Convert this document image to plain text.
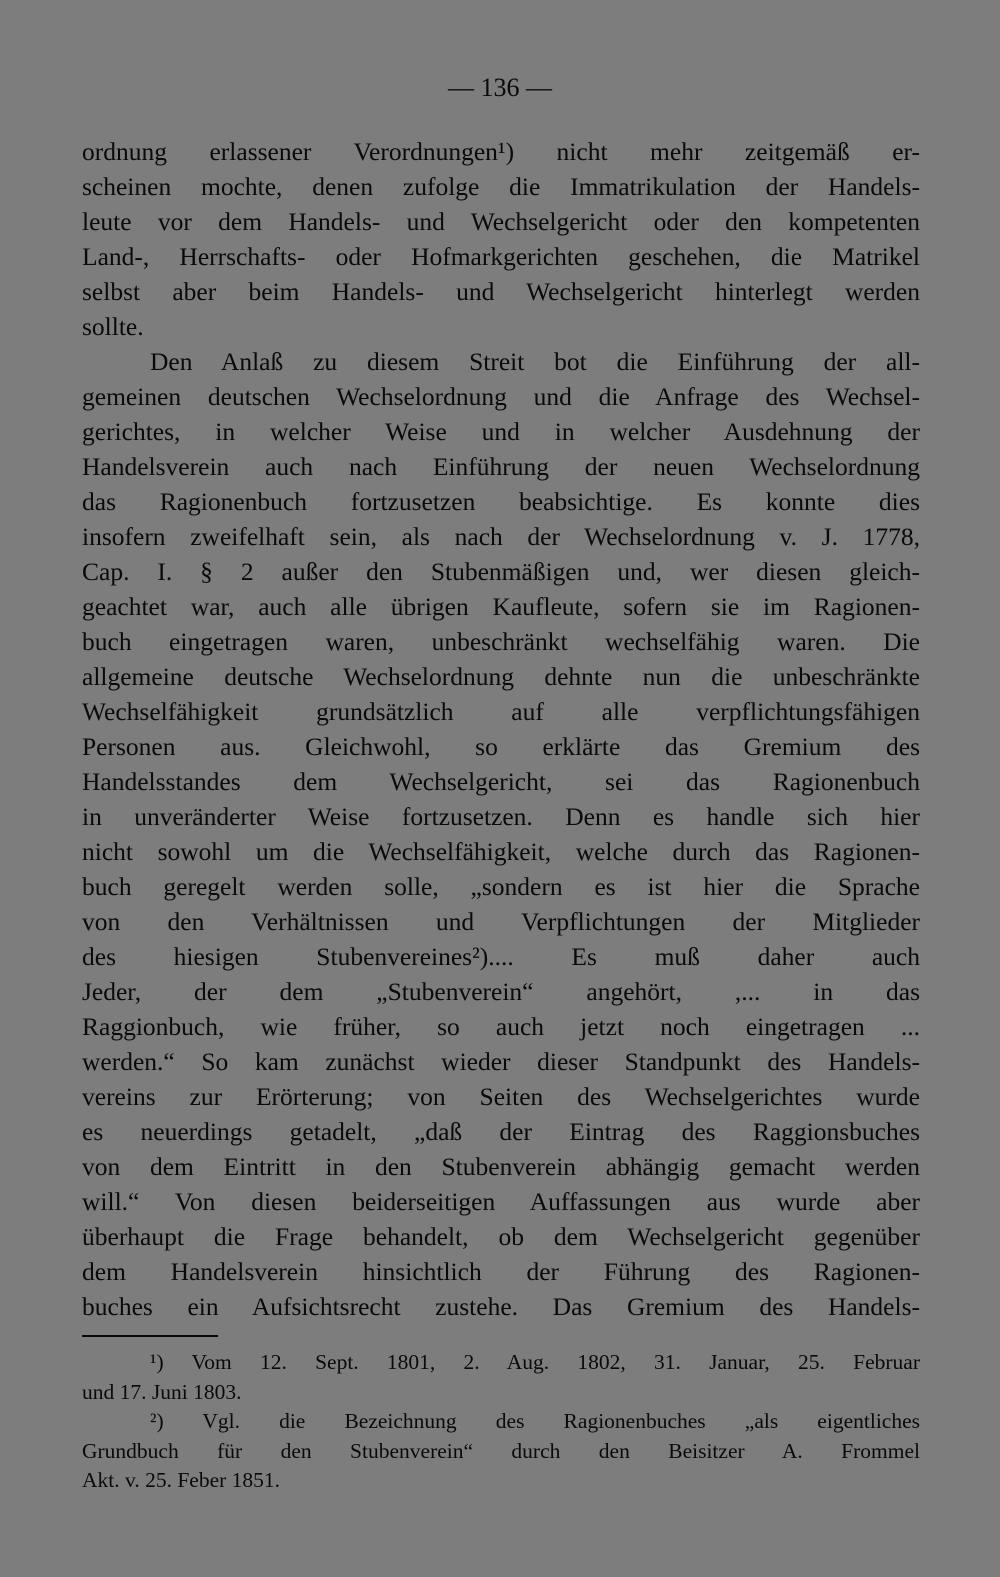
— 136 —
ordnung erlassener Verordnungen¹) nicht mehr zeitgemäß er-
scheinen mochte, denen zufolge die Immatrikulation der Handels-
leute vor dem Handels- und Wechselgericht oder den kompetenten
Land-, Herrschafts- oder Hofmarkgerichten geschehen, die Matrikel
selbst aber beim Handels- und Wechselgericht hinterlegt werden
sollte.
Den Anlaß zu diesem Streit bot die Einführung der all-
gemeinen deutschen Wechselordnung und die Anfrage des Wechsel-
gerichtes, in welcher Weise und in welcher Ausdehnung der
Handelsverein auch nach Einführung der neuen Wechselordnung
das Ragionenbuch fortzusetzen beabsichtige. Es konnte dies
insofern zweifelhaft sein, als nach der Wechselordnung v. J. 1778,
Cap. I. § 2 außer den Stubenmäßigen und, wer diesen gleich-
geachtet war, auch alle übrigen Kaufleute, sofern sie im Ragionen-
buch eingetragen waren, unbeschränkt wechselfähig waren. Die
allgemeine deutsche Wechselordnung dehnte nun die unbeschränkte
Wechselfähigkeit grundsätzlich auf alle verpflichtungsfähigen
Personen aus. Gleichwohl, so erklärte das Gremium des
Handelsstandes dem Wechselgericht, sei das Ragionenbuch
in unveränderter Weise fortzusetzen. Denn es handle sich hier
nicht sowohl um die Wechselfähigkeit, welche durch das Ragionen-
buch geregelt werden solle, „sondern es ist hier die Sprache
von den Verhältnissen und Verpflichtungen der Mitglieder
des hiesigen Stubenvereines²).... Es muß daher auch
Jeder, der dem „Stubenverein“ angehört, ,... in das
Raggionbuch, wie früher, so auch jetzt noch eingetragen ...
werden.“ So kam zunächst wieder dieser Standpunkt des Handels-
vereins zur Erörterung; von Seiten des Wechselgerichtes wurde
es neuerdings getadelt, „daß der Eintrag des Raggionsbuches
von dem Eintritt in den Stubenverein abhängig gemacht werden
will.“ Von diesen beiderseitigen Auffassungen aus wurde aber
überhaupt die Frage behandelt, ob dem Wechselgericht gegenüber
dem Handelsverein hinsichtlich der Führung des Ragionen-
buches ein Aufsichtsrecht zustehe. Das Gremium des Handels-
¹) Vom 12. Sept. 1801, 2. Aug. 1802, 31. Januar, 25. Februar
und 17. Juni 1803.
²) Vgl. die Bezeichnung des Ragionenbuches „als eigentliches
Grundbuch für den Stubenverein“ durch den Beisitzer A. Frommel
Akt. v. 25. Feber 1851.
